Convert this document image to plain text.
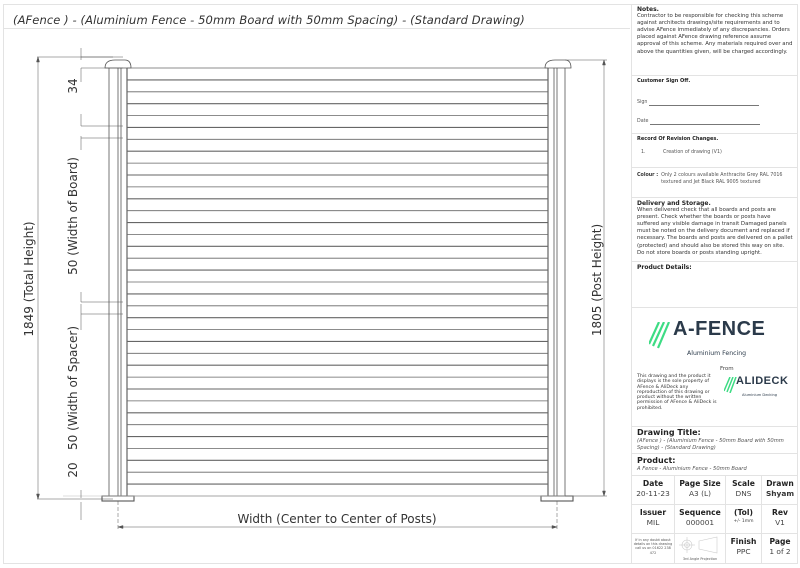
(AFence ) - (Aluminium Fence - 50mm Board with 50mm Spacing) - (Standard Drawing)
1849 (Total Height)	1805 (Post Height)
34
50 (Width of Board)
50 (Width of Spacer)
20
Width (Center to Center of Posts)
Notes.
Contractor to be responsible for checking this scheme against architects drawings/site requirements and to advise AFence immediately of any discrepancies. Orders placed against AFence drawing reference assume approval of this scheme. Any materials required over and above the quantities given, will be charged accordingly.
Customer Sign Off.
Sign
Date
Record Of Revision Changes.
1.	Creation of drawing (V1)
Colour : Only 2 colours available Anthracite Grey RAL 7016 textured and Jet Black RAL 9005 textured
Delivery and Storage.
When delivered check that all boards and posts are present. Check whether the boards or posts have suffered any visible damage in transit Damaged panels must be noted on the delivery document and replaced if necessary. The boards and posts are delivered on a pallet (protected) and should also be stored this way on site. Do not store boards or posts standing upright.
Product Details:
A-FENCE
Aluminium Fencing
From
This drawing and the product it displays is the sole property of AFence & AliDeck any reproduction of this drawing or product without the written permission of AFence & AliDeck is prohibited.
ALIDECK
Aluminium Decking
Drawing Title:
(AFence ) - (Aluminium Fence - 50mm Board with 50mm Spacing) - (Standard Drawing)
Product:
A Fence - Aluminium Fence - 50mm Board
Date
20-11-23
Page Size
A3 (L)
Scale
DNS
Drawn
Shyam
Issuer
MIL
Sequence
000001
(Tol)
+/- 1mm
Rev
V1
If in any doubt about details on this drawing call us on 01622 238 472
3rd Angle Projection
Finish
PPC
Page
1 of 2
